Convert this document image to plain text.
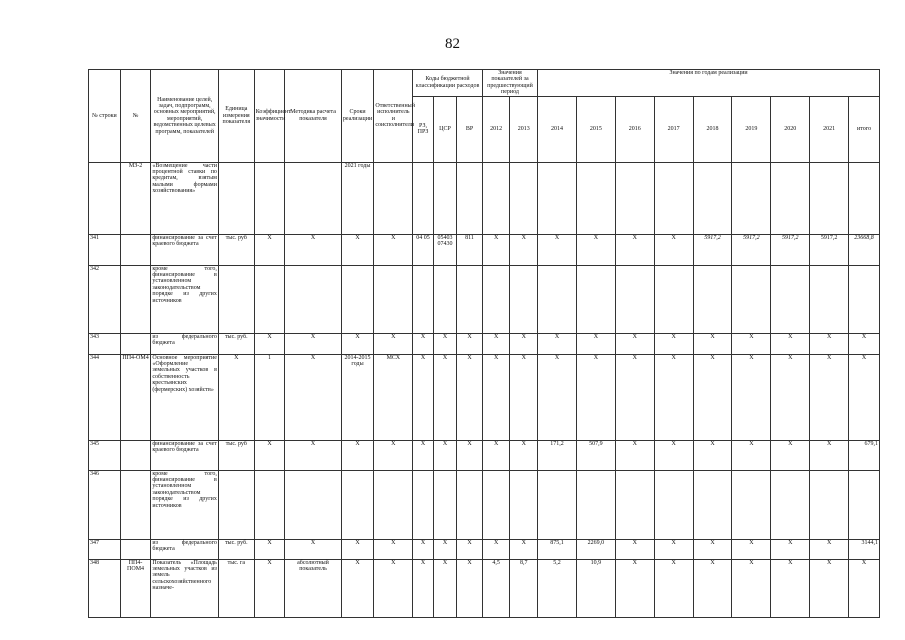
82
№ строки	№	Наименование целей, задач, подпрограмм, основных мероприятий, мероприятий, ведомственных целевых программ, показателей	Единица измерения показателя	Коэффициент значимости	Методика расчета показателя	Сроки реализации	Ответственный исполнитель и соисполнители	Коды бюджетной классификации расходов			Значения показателей за предшествующий период		Значения по годам реализации								
								РЗ, ПРЗ	ЦСР	ВР	2012	2013	2014	2015	2016	2017	2018	2019	2020	2021	итого
	МЗ-2	«Возмещение части процентной ставки по кредитам, взятым малыми формами хозяйствования»				2021 годы															
341		финансирование за счет краевого бюджета	тыс. руб	X	X	X	X	04 05	05403 07430	811	X	X	X	X	X	X	5917,2	5917,2	5917,2	5917,2	23668,8
342		кроме того, финансирование в установленном законодательством порядке из других источников																			
343		из федерального бюджета	тыс. руб.	X	X	X	X	X	X	X	X	X	X	X	X	X	X	X	X	X	X
344	ПП4-ОМ4	Основное мероприятие «Оформление земельных участков в собственность крестьянских (фермерских) хозяйств»	X	1	X	2014-2015 годы	МСХ	X	X	X	X	X	X	X	X	X	X	X	X	X	X
345		финансирование за счет краевого бюджета	тыс. руб	X	X	X	X	X	X	X	X	X	171,2	507,9	X	X	X	X	X	X	679,1
346		кроме того, финансирование в установленном законодательством порядке из других источников																			
347		из федерального бюджета	тыс. руб.	X	X	X	X	X	X	X	X	X	875,1	2269,0	X	X	X	X	X	X	3144,1
348	ПП4-ПОМ4	Показатель «Площадь земельных участков из земель сельскохозяйственного назначе-	тыс. га	X	абсолютный показатель	X	X	X	X	X	4,5	8,7	5,2	10,9	X	X	X	X	X	X	X
